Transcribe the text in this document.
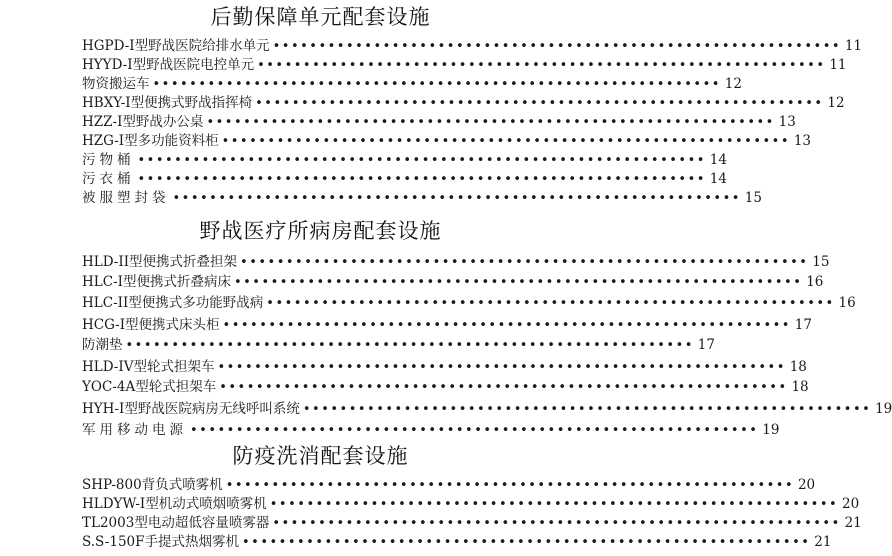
后勤保障单元配套设施
HGPD-I型野战医院给排水单元 •••••••••••••••••••••••••••••••••••••••••••••••••••••••••••••• 11
HYYD-I型野战医院电控单元 •••••••••••••••••••••••••••••••••••••••••••••••••••••••••••••• 11
物资搬运车 •••••••••••••••••••••••••••••••••••••••••••••••••••••••••••••• 12
HBXY-I型便携式野战指挥椅 •••••••••••••••••••••••••••••••••••••••••••••••••••••••••••••• 12
HZZ-I型野战办公桌 •••••••••••••••••••••••••••••••••••••••••••••••••••••••••••••• 13
HZG-I型多功能资料柜 •••••••••••••••••••••••••••••••••••••••••••••••••••••••••••••• 13
污物桶 •••••••••••••••••••••••••••••••••••••••••••••••••••••••••••••• 14
污衣桶 •••••••••••••••••••••••••••••••••••••••••••••••••••••••••••••• 14
被服塑封袋 •••••••••••••••••••••••••••••••••••••••••••••••••••••••••••••• 15
野战医疗所病房配套设施
HLD-II型便携式折叠担架 •••••••••••••••••••••••••••••••••••••••••••••••••••••••••••••• 15
HLC-I型便携式折叠病床 •••••••••••••••••••••••••••••••••••••••••••••••••••••••••••••• 16
HLC-II型便携式多功能野战病 •••••••••••••••••••••••••••••••••••••••••••••••••••••••••••••• 16
HCG-I型便携式床头柜 •••••••••••••••••••••••••••••••••••••••••••••••••••••••••••••• 17
防潮垫 •••••••••••••••••••••••••••••••••••••••••••••••••••••••••••••• 17
HLD-IV型轮式担架车 •••••••••••••••••••••••••••••••••••••••••••••••••••••••••••••• 18
YOC-4A型轮式担架车 •••••••••••••••••••••••••••••••••••••••••••••••••••••••••••••• 18
HYH-I型野战医院病房无线呼叫系统 •••••••••••••••••••••••••••••••••••••••••••••••••••••••••••••• 19
军用移动电源 •••••••••••••••••••••••••••••••••••••••••••••••••••••••••••••• 19
防疫洗消配套设施
SHP-800背负式喷雾机 •••••••••••••••••••••••••••••••••••••••••••••••••••••••••••••• 20
HLDYW-I型机动式喷烟喷雾机 •••••••••••••••••••••••••••••••••••••••••••••••••••••••••••••• 20
TL2003型电动超低容量喷雾器 •••••••••••••••••••••••••••••••••••••••••••••••••••••••••••••• 21
S.S-150F手提式热烟雾机 •••••••••••••••••••••••••••••••••••••••••••••••••••••••••••••• 21
